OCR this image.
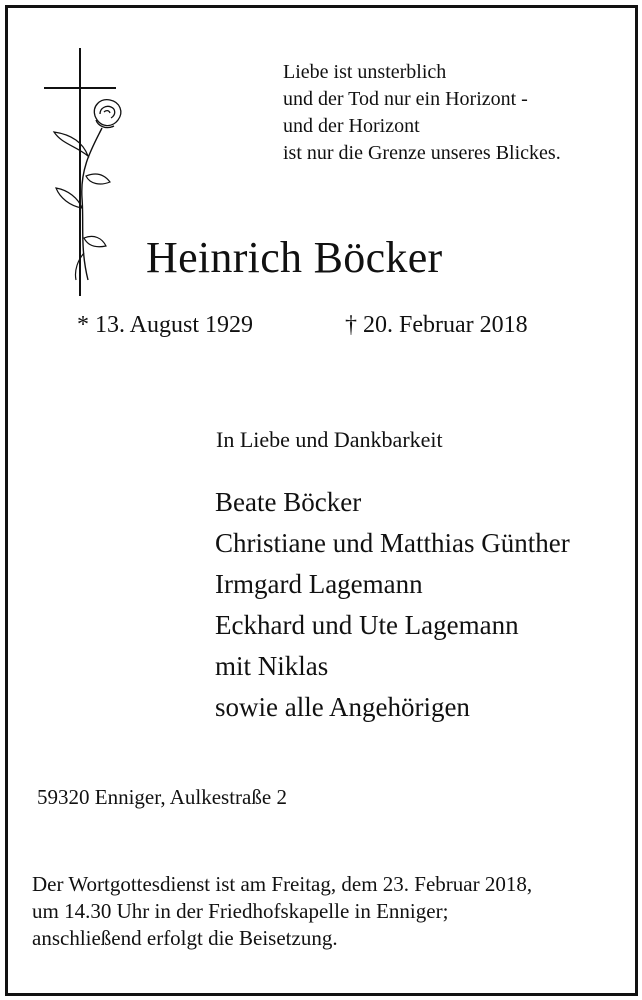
Liebe ist unsterblich
und der Tod nur ein Horizont -
und der Horizont
ist nur die Grenze unseres Blickes.
Heinrich Böcker
* 13. August 1929	† 20. Februar 2018
In Liebe und Dankbarkeit
Beate Böcker
Christiane und Matthias Günther
Irmgard Lagemann
Eckhard und Ute Lagemann
mit Niklas
sowie alle Angehörigen
59320 Enniger, Aulkestraße 2
Der Wortgottesdienst ist am Freitag, dem 23. Februar 2018,
um 14.30 Uhr in der Friedhofskapelle in Enniger;
anschließend erfolgt die Beisetzung.
